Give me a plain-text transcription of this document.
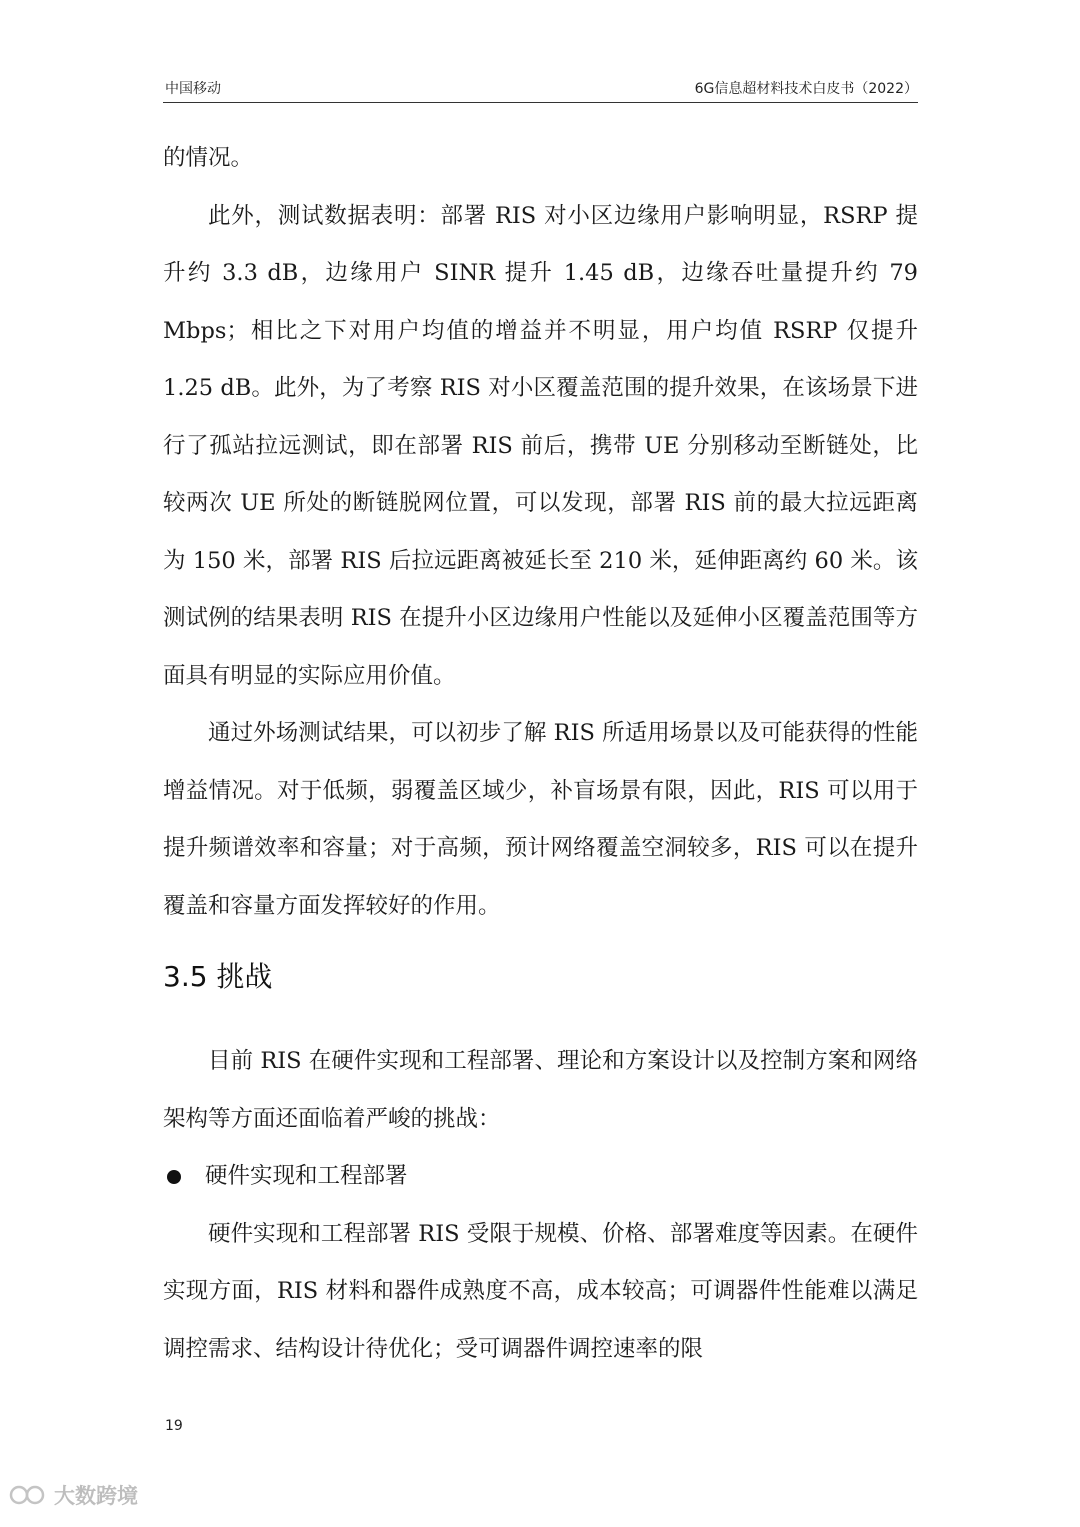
中国移动	6G信息超材料技术白皮书（2022）

的情况。

此外，测试数据表明：部署 RIS 对小区边缘用户影响明显，RSRP 提升约 3.3 dB，边缘用户 SINR 提升 1.45 dB，边缘吞吐量提升约 79 Mbps；相比之下对用户均值的增益并不明显，用户均值 RSRP 仅提升 1.25 dB。此外，为了考察 RIS 对小区覆盖范围的提升效果，在该场景下进行了孤站拉远测试，即在部署 RIS 前后，携带 UE 分别移动至断链处，比较两次 UE 所处的断链脱网位置，可以发现，部署 RIS 前的最大拉远距离为 150 米，部署 RIS 后拉远距离被延长至 210 米，延伸距离约 60 米。该测试例的结果表明 RIS 在提升小区边缘用户性能以及延伸小区覆盖范围等方面具有明显的实际应用价值。

通过外场测试结果，可以初步了解 RIS 所适用场景以及可能获得的性能增益情况。对于低频，弱覆盖区域少，补盲场景有限，因此，RIS 可以用于提升频谱效率和容量；对于高频，预计网络覆盖空洞较多，RIS 可以在提升覆盖和容量方面发挥较好的作用。

3.5 挑战

目前 RIS 在硬件实现和工程部署、理论和方案设计以及控制方案和网络架构等方面还面临着严峻的挑战：

硬件实现和工程部署

硬件实现和工程部署 RIS 受限于规模、价格、部署难度等因素。在硬件实现方面，RIS 材料和器件成熟度不高，成本较高；可调器件性能难以满足调控需求、结构设计待优化；受可调器件调控速率的限

19
大数跨境
